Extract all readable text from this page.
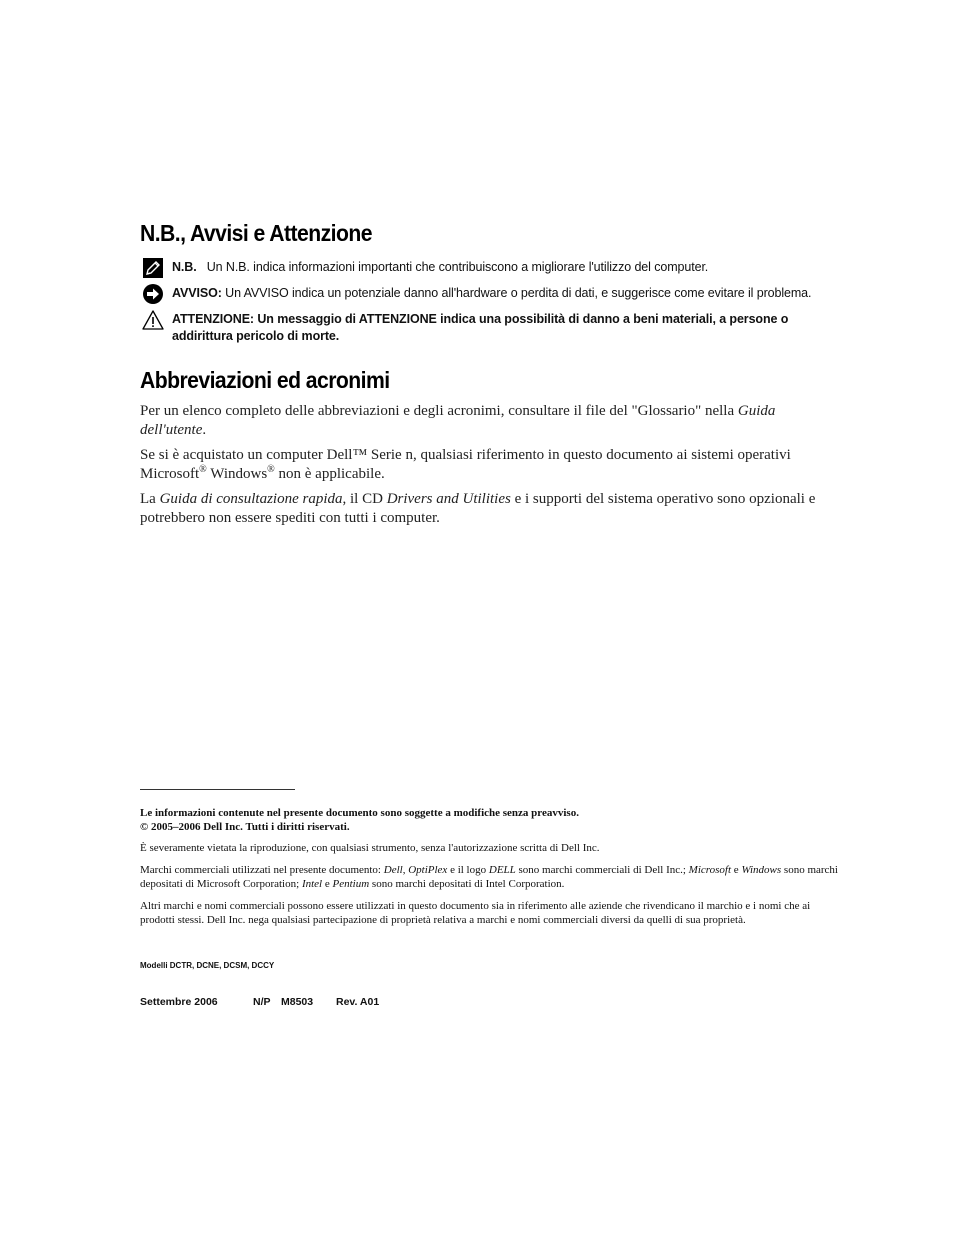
N.B., Avvisi e Attenzione
N.B. Un N.B. indica informazioni importanti che contribuiscono a migliorare l'utilizzo del computer.
AVVISO: Un AVVISO indica un potenziale danno all'hardware o perdita di dati, e suggerisce come evitare il problema.
ATTENZIONE: Un messaggio di ATTENZIONE indica una possibilità di danno a beni materiali, a persone o addirittura pericolo di morte.
Abbreviazioni ed acronimi

Per un elenco completo delle abbreviazioni e degli acronimi, consultare il file del "Glossario" nella Guida dell'utente.

Se si è acquistato un computer Dell™ Serie n, qualsiasi riferimento in questo documento ai sistemi operativi Microsoft® Windows® non è applicabile.

La Guida di consultazione rapida, il CD Drivers and Utilities e i supporti del sistema operativo sono opzionali e potrebbero non essere spediti con tutti i computer.

Le informazioni contenute nel presente documento sono soggette a modifiche senza preavviso.
© 2005–2006 Dell Inc. Tutti i diritti riservati.

È severamente vietata la riproduzione, con qualsiasi strumento, senza l'autorizzazione scritta di Dell Inc.

Marchi commerciali utilizzati nel presente documento: Dell, OptiPlex e il logo DELL sono marchi commerciali di Dell Inc.; Microsoft e Windows sono marchi depositati di Microsoft Corporation; Intel e Pentium sono marchi depositati di Intel Corporation.

Altri marchi e nomi commerciali possono essere utilizzati in questo documento sia in riferimento alle aziende che rivendicano il marchio e i nomi che ai prodotti stessi. Dell Inc. nega qualsiasi partecipazione di proprietà relativa a marchi e nomi commerciali diversi da quelli di sua proprietà.

Modelli DCTR, DCNE, DCSM, DCCY
Settembre 2006	N/P M8503 Rev. A01
